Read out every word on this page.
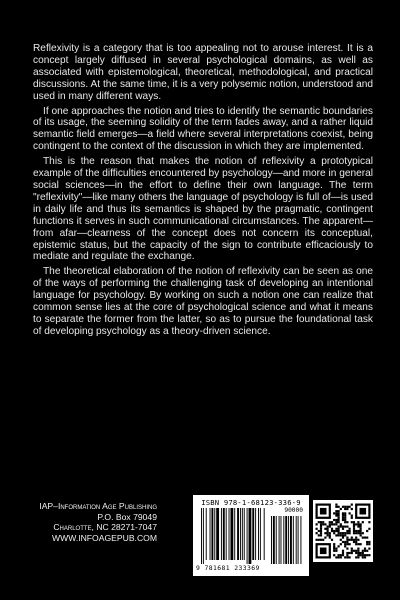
Reflexivity is a category that is too appealing not to arouse interest. It is a concept largely diffused in several psychological domains, as well as associated with epistemological, theoretical, methodological, and practical discussions. At the same time, it is a very polysemic notion, understood and used in many different ways.

If one approaches the notion and tries to identify the semantic boundaries of its usage, the seeming solidity of the term fades away, and a rather liquid semantic field emerges—a field where several interpretations coexist, being contingent to the context of the discussion in which they are implemented.

This is the reason that makes the notion of reflexivity a prototypical example of the difficulties encountered by psychology—and more in general social sciences—in the effort to define their own language. The term "reflexivity"—like many others the language of psychology is full of—is used in daily life and thus its semantics is shaped by the pragmatic, contingent functions it serves in such communicational circumstances. The apparent—from afar—clearness of the concept does not concern its conceptual, epistemic status, but the capacity of the sign to contribute efficaciously to mediate and regulate the exchange.

The theoretical elaboration of the notion of reflexivity can be seen as one of the ways of performing the challenging task of developing an intentional language for psychology. By working on such a notion one can realize that common sense lies at the core of psychological science and what it means to separate the former from the latter, so as to pursue the foundational task of developing psychology as a theory-driven science.

IAP–Information Age Publishing
P.O. Box 79049
Charlotte, NC 28271-7047
WWW.INFOAGEPUB.COM
ISBN 978-1-68123-336-9
90000
9 781681 233369
